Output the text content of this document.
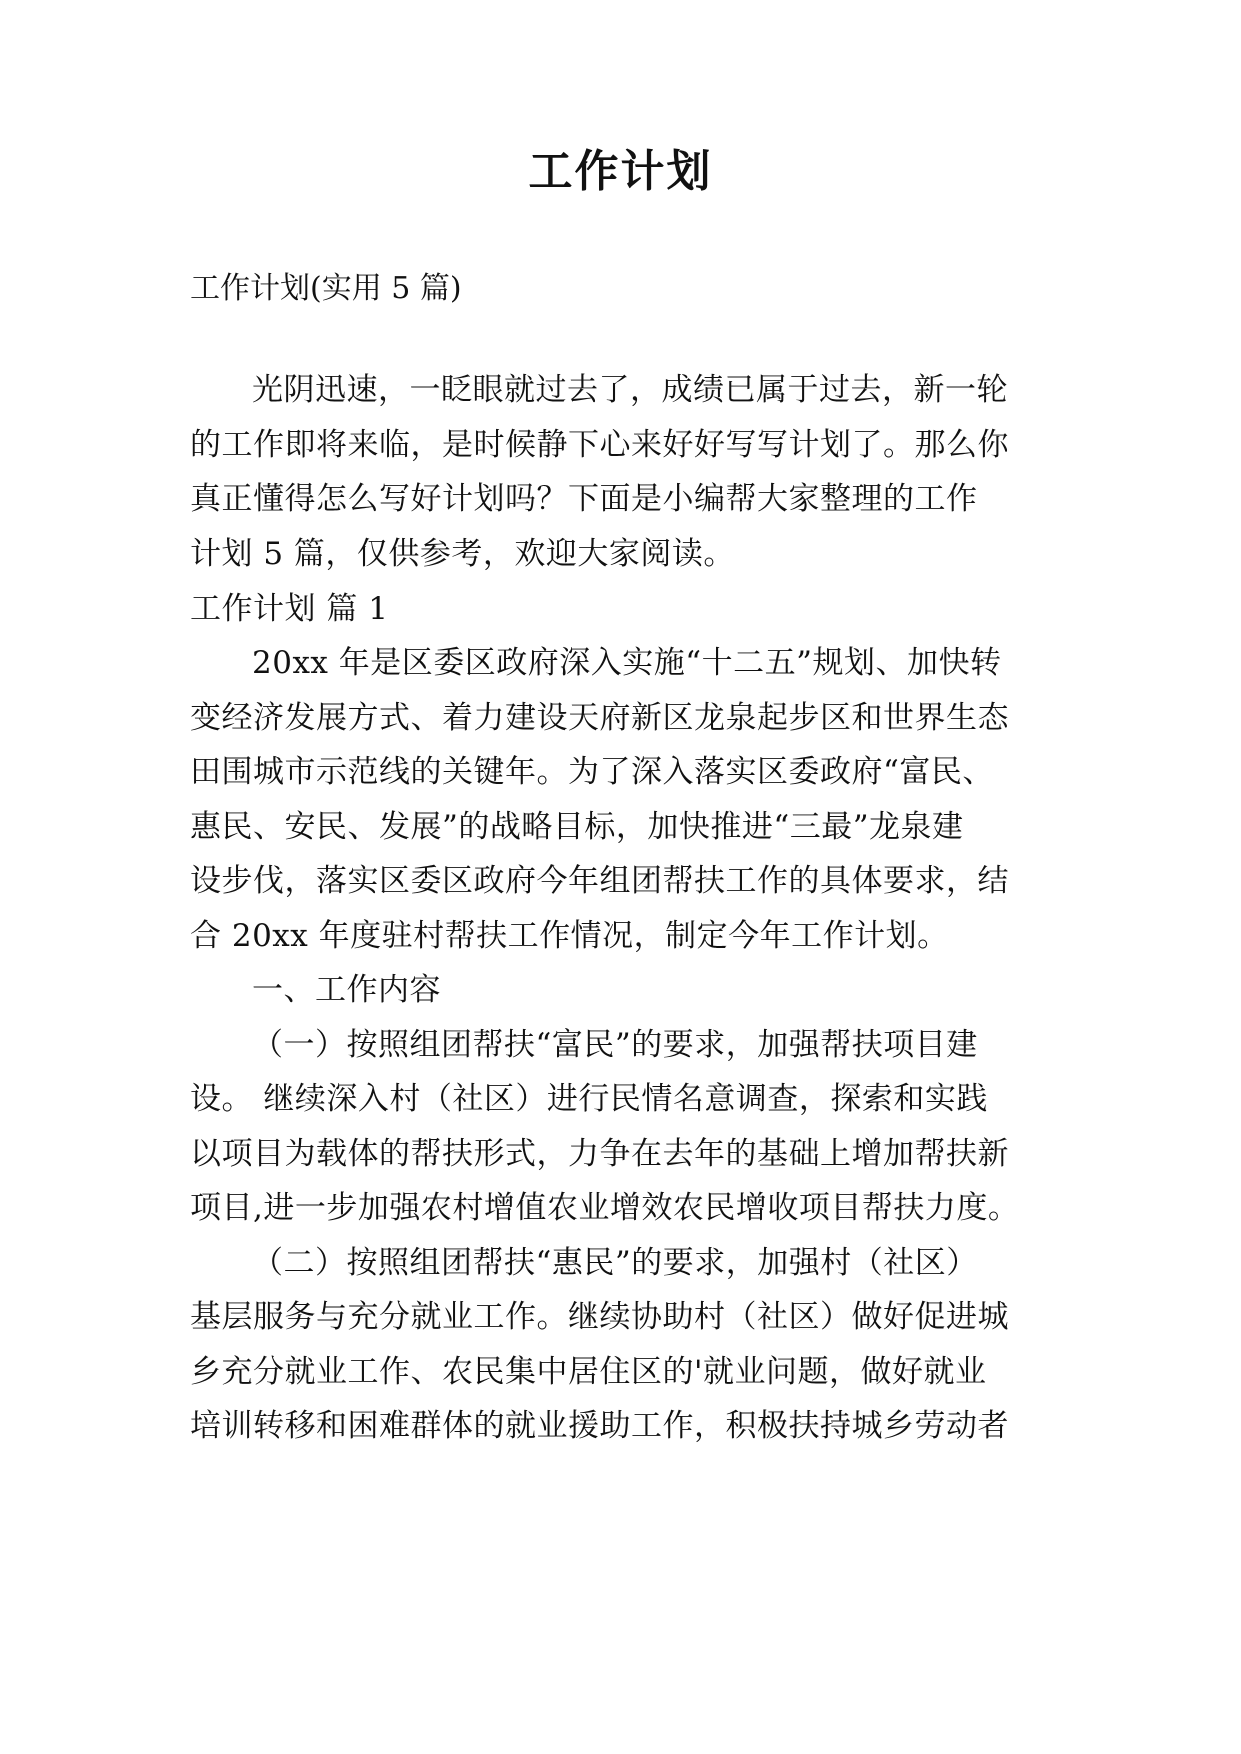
工作计划
工作计划(实用 5 篇)
光阴迅速，一眨眼就过去了，成绩已属于过去，新一轮
的工作即将来临，是时候静下心来好好写写计划了。那么你
真正懂得怎么写好计划吗？下面是小编帮大家整理的工作
计划 5 篇，仅供参考，欢迎大家阅读。
工作计划 篇 1
20xx 年是区委区政府深入实施“十二五”规划、加快转
变经济发展方式、着力建设天府新区龙泉起步区和世界生态
田围城市示范线的关键年。为了深入落实区委政府“富民、
惠民、安民、发展”的战略目标，加快推进“三最”龙泉建
设步伐，落实区委区政府今年组团帮扶工作的具体要求，结
合 20xx 年度驻村帮扶工作情况，制定今年工作计划。
一、工作内容
（一）按照组团帮扶“富民”的要求，加强帮扶项目建
设。 继续深入村（社区）进行民情名意调查，探索和实践
以项目为载体的帮扶形式，力争在去年的基础上增加帮扶新
项目,进一步加强农村增值农业增效农民增收项目帮扶力度。
（二）按照组团帮扶“惠民”的要求，加强村（社区）
基层服务与充分就业工作。继续协助村（社区）做好促进城
乡充分就业工作、农民集中居住区的'就业问题，做好就业
培训转移和困难群体的就业援助工作，积极扶持城乡劳动者
